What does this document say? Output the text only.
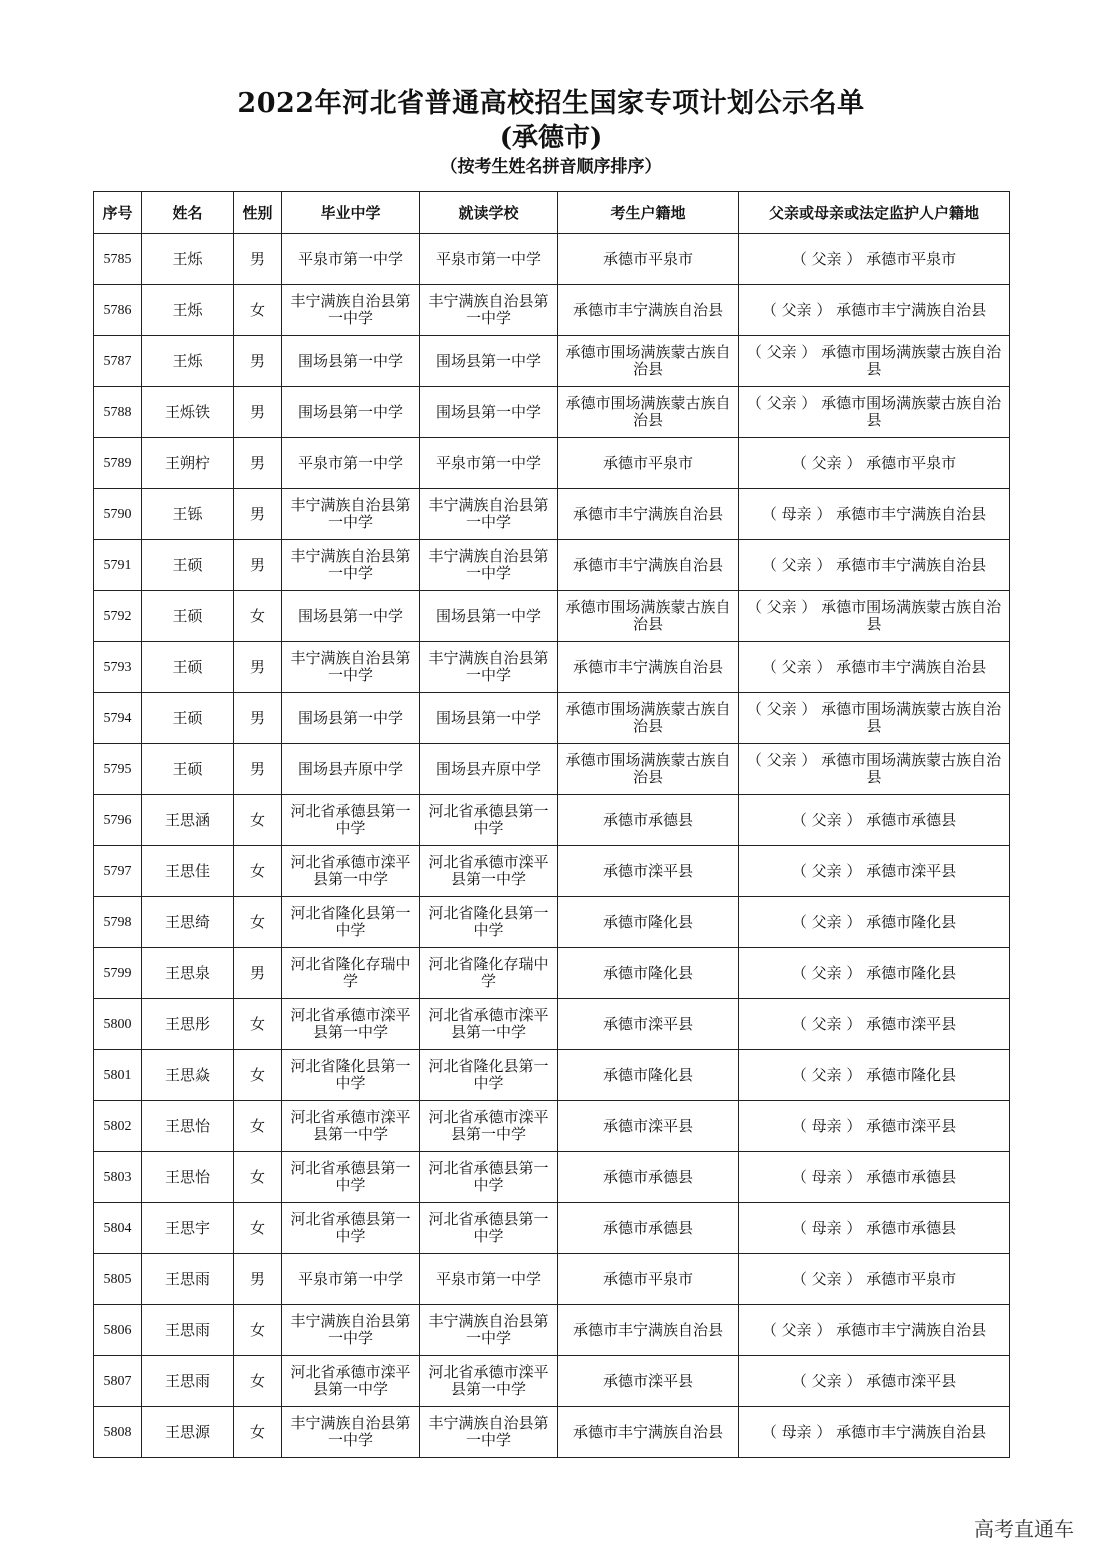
2022年河北省普通高校招生国家专项计划公示名单
(承德市)
（按考生姓名拼音顺序排序）
序号	姓名	性别	毕业中学	就读学校	考生户籍地	父亲或母亲或法定监护人户籍地
5785	王烁	男	平泉市第一中学	平泉市第一中学	承德市平泉市	（ 父亲 ） 承德市平泉市
5786	王烁	女	丰宁满族自治县第一中学	丰宁满族自治县第一中学	承德市丰宁满族自治县	（ 父亲 ） 承德市丰宁满族自治县
5787	王烁	男	围场县第一中学	围场县第一中学	承德市围场满族蒙古族自治县	（ 父亲 ） 承德市围场满族蒙古族自治县
5788	王烁铁	男	围场县第一中学	围场县第一中学	承德市围场满族蒙古族自治县	（ 父亲 ） 承德市围场满族蒙古族自治县
5789	王朔柠	男	平泉市第一中学	平泉市第一中学	承德市平泉市	（ 父亲 ） 承德市平泉市
5790	王铄	男	丰宁满族自治县第一中学	丰宁满族自治县第一中学	承德市丰宁满族自治县	（ 母亲 ） 承德市丰宁满族自治县
5791	王硕	男	丰宁满族自治县第一中学	丰宁满族自治县第一中学	承德市丰宁满族自治县	（ 父亲 ） 承德市丰宁满族自治县
5792	王硕	女	围场县第一中学	围场县第一中学	承德市围场满族蒙古族自治县	（ 父亲 ） 承德市围场满族蒙古族自治县
5793	王硕	男	丰宁满族自治县第一中学	丰宁满族自治县第一中学	承德市丰宁满族自治县	（ 父亲 ） 承德市丰宁满族自治县
5794	王硕	男	围场县第一中学	围场县第一中学	承德市围场满族蒙古族自治县	（ 父亲 ） 承德市围场满族蒙古族自治县
5795	王硕	男	围场县卉原中学	围场县卉原中学	承德市围场满族蒙古族自治县	（ 父亲 ） 承德市围场满族蒙古族自治县
5796	王思涵	女	河北省承德县第一中学	河北省承德县第一中学	承德市承德县	（ 父亲 ） 承德市承德县
5797	王思佳	女	河北省承德市滦平县第一中学	河北省承德市滦平县第一中学	承德市滦平县	（ 父亲 ） 承德市滦平县
5798	王思绮	女	河北省隆化县第一中学	河北省隆化县第一中学	承德市隆化县	（ 父亲 ） 承德市隆化县
5799	王思泉	男	河北省隆化存瑞中学	河北省隆化存瑞中学	承德市隆化县	（ 父亲 ） 承德市隆化县
5800	王思彤	女	河北省承德市滦平县第一中学	河北省承德市滦平县第一中学	承德市滦平县	（ 父亲 ） 承德市滦平县
5801	王思焱	女	河北省隆化县第一中学	河北省隆化县第一中学	承德市隆化县	（ 父亲 ） 承德市隆化县
5802	王思怡	女	河北省承德市滦平县第一中学	河北省承德市滦平县第一中学	承德市滦平县	（ 母亲 ） 承德市滦平县
5803	王思怡	女	河北省承德县第一中学	河北省承德县第一中学	承德市承德县	（ 母亲 ） 承德市承德县
5804	王思宇	女	河北省承德县第一中学	河北省承德县第一中学	承德市承德县	（ 母亲 ） 承德市承德县
5805	王思雨	男	平泉市第一中学	平泉市第一中学	承德市平泉市	（ 父亲 ） 承德市平泉市
5806	王思雨	女	丰宁满族自治县第一中学	丰宁满族自治县第一中学	承德市丰宁满族自治县	（ 父亲 ） 承德市丰宁满族自治县
5807	王思雨	女	河北省承德市滦平县第一中学	河北省承德市滦平县第一中学	承德市滦平县	（ 父亲 ） 承德市滦平县
5808	王思源	女	丰宁满族自治县第一中学	丰宁满族自治县第一中学	承德市丰宁满族自治县	（ 母亲 ） 承德市丰宁满族自治县
高考直通车
